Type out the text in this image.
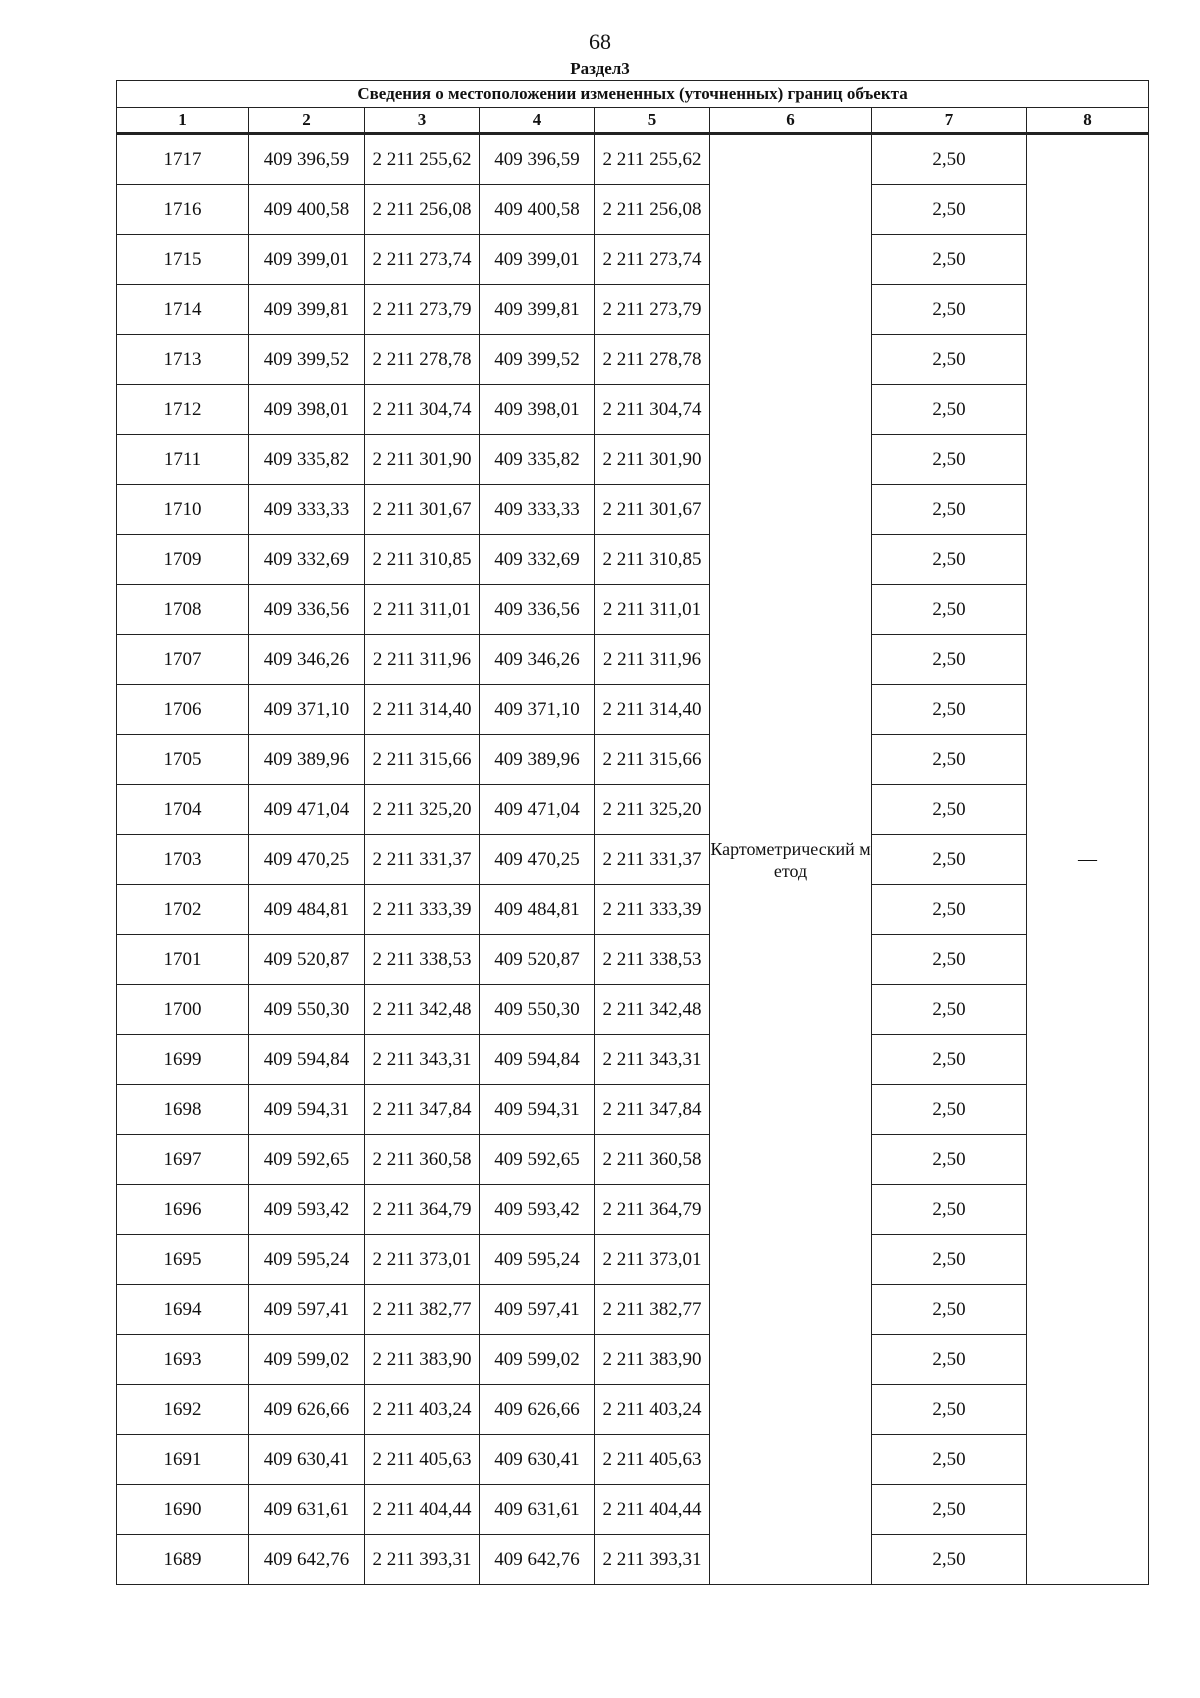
68
Раздел3
Сведения о местоположении измененных (уточненных) границ объекта							
1	2	3	4	5	6	7	8
1717	409 396,59	2 211 255,62	409 396,59	2 211 255,62	Картометрический метод	2,50	—
1716	409 400,58	2 211 256,08	409 400,58	2 211 256,08		2,50	
1715	409 399,01	2 211 273,74	409 399,01	2 211 273,74		2,50	
1714	409 399,81	2 211 273,79	409 399,81	2 211 273,79		2,50	
1713	409 399,52	2 211 278,78	409 399,52	2 211 278,78		2,50	
1712	409 398,01	2 211 304,74	409 398,01	2 211 304,74		2,50	
1711	409 335,82	2 211 301,90	409 335,82	2 211 301,90		2,50	
1710	409 333,33	2 211 301,67	409 333,33	2 211 301,67		2,50	
1709	409 332,69	2 211 310,85	409 332,69	2 211 310,85		2,50	
1708	409 336,56	2 211 311,01	409 336,56	2 211 311,01		2,50	
1707	409 346,26	2 211 311,96	409 346,26	2 211 311,96		2,50	
1706	409 371,10	2 211 314,40	409 371,10	2 211 314,40		2,50	
1705	409 389,96	2 211 315,66	409 389,96	2 211 315,66		2,50	
1704	409 471,04	2 211 325,20	409 471,04	2 211 325,20		2,50	
1703	409 470,25	2 211 331,37	409 470,25	2 211 331,37		2,50	
1702	409 484,81	2 211 333,39	409 484,81	2 211 333,39		2,50	
1701	409 520,87	2 211 338,53	409 520,87	2 211 338,53		2,50	
1700	409 550,30	2 211 342,48	409 550,30	2 211 342,48		2,50	
1699	409 594,84	2 211 343,31	409 594,84	2 211 343,31		2,50	
1698	409 594,31	2 211 347,84	409 594,31	2 211 347,84		2,50	
1697	409 592,65	2 211 360,58	409 592,65	2 211 360,58		2,50	
1696	409 593,42	2 211 364,79	409 593,42	2 211 364,79		2,50	
1695	409 595,24	2 211 373,01	409 595,24	2 211 373,01		2,50	
1694	409 597,41	2 211 382,77	409 597,41	2 211 382,77		2,50	
1693	409 599,02	2 211 383,90	409 599,02	2 211 383,90		2,50	
1692	409 626,66	2 211 403,24	409 626,66	2 211 403,24		2,50	
1691	409 630,41	2 211 405,63	409 630,41	2 211 405,63		2,50	
1690	409 631,61	2 211 404,44	409 631,61	2 211 404,44		2,50	
1689	409 642,76	2 211 393,31	409 642,76	2 211 393,31		2,50	
